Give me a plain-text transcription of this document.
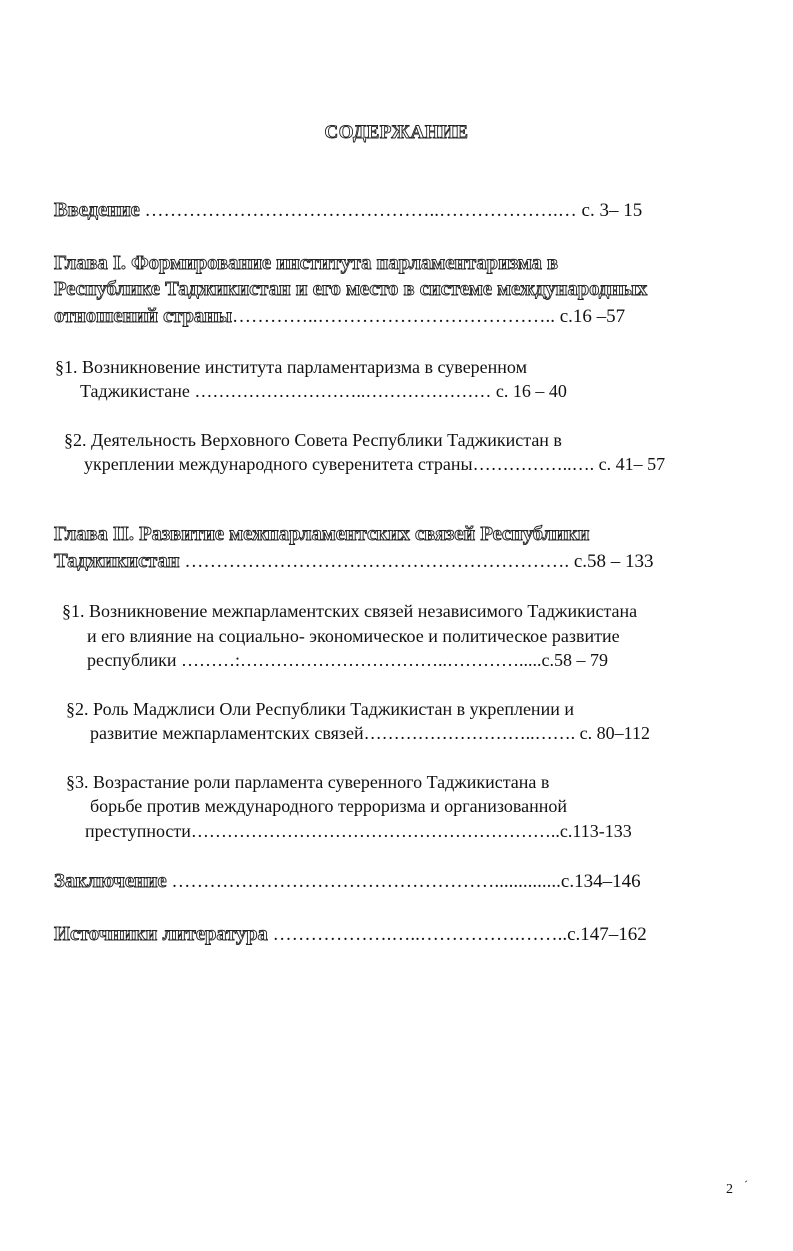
СОДЕРЖАНИЕ
Введение ………………………………………..……………….… с. 3– 15
Глава I. Формирование института парламентаризма в
Республике Таджикистан и его место в системе международных
отношений страны…………..……………………………….. с.16 –57
§1. Возникновение института парламентаризма в суверенном
Таджикистане ………………………..………………… с. 16 – 40
§2. Деятельность Верховного Совета Республики Таджикистан в
укреплении международного суверенитета страны……………..…. с. 41– 57
Глава II. Развитие межпарламентских связей Республики
Таджикистан ……………………………………………………. с.58 – 133
§1. Возникновение межпарламентских связей независимого Таджикистана
и его влияние на социально- экономическое и политическое развитие
республики ………:……………………………..………….....с.58 – 79
§2. Роль Маджлиси Оли Республики Таджикистан в укреплении и
развитие межпарламентских связей………………………..……. с. 80–112
§3. Возрастание роли парламента суверенного Таджикистана в
борьбе против международного терроризма и организованной
преступности……………………………………………………..с.113-133
Заключение ……………………………………………..............с.134–146
Источники литература ……………….…..…………….……..с.147–162
2 ´
